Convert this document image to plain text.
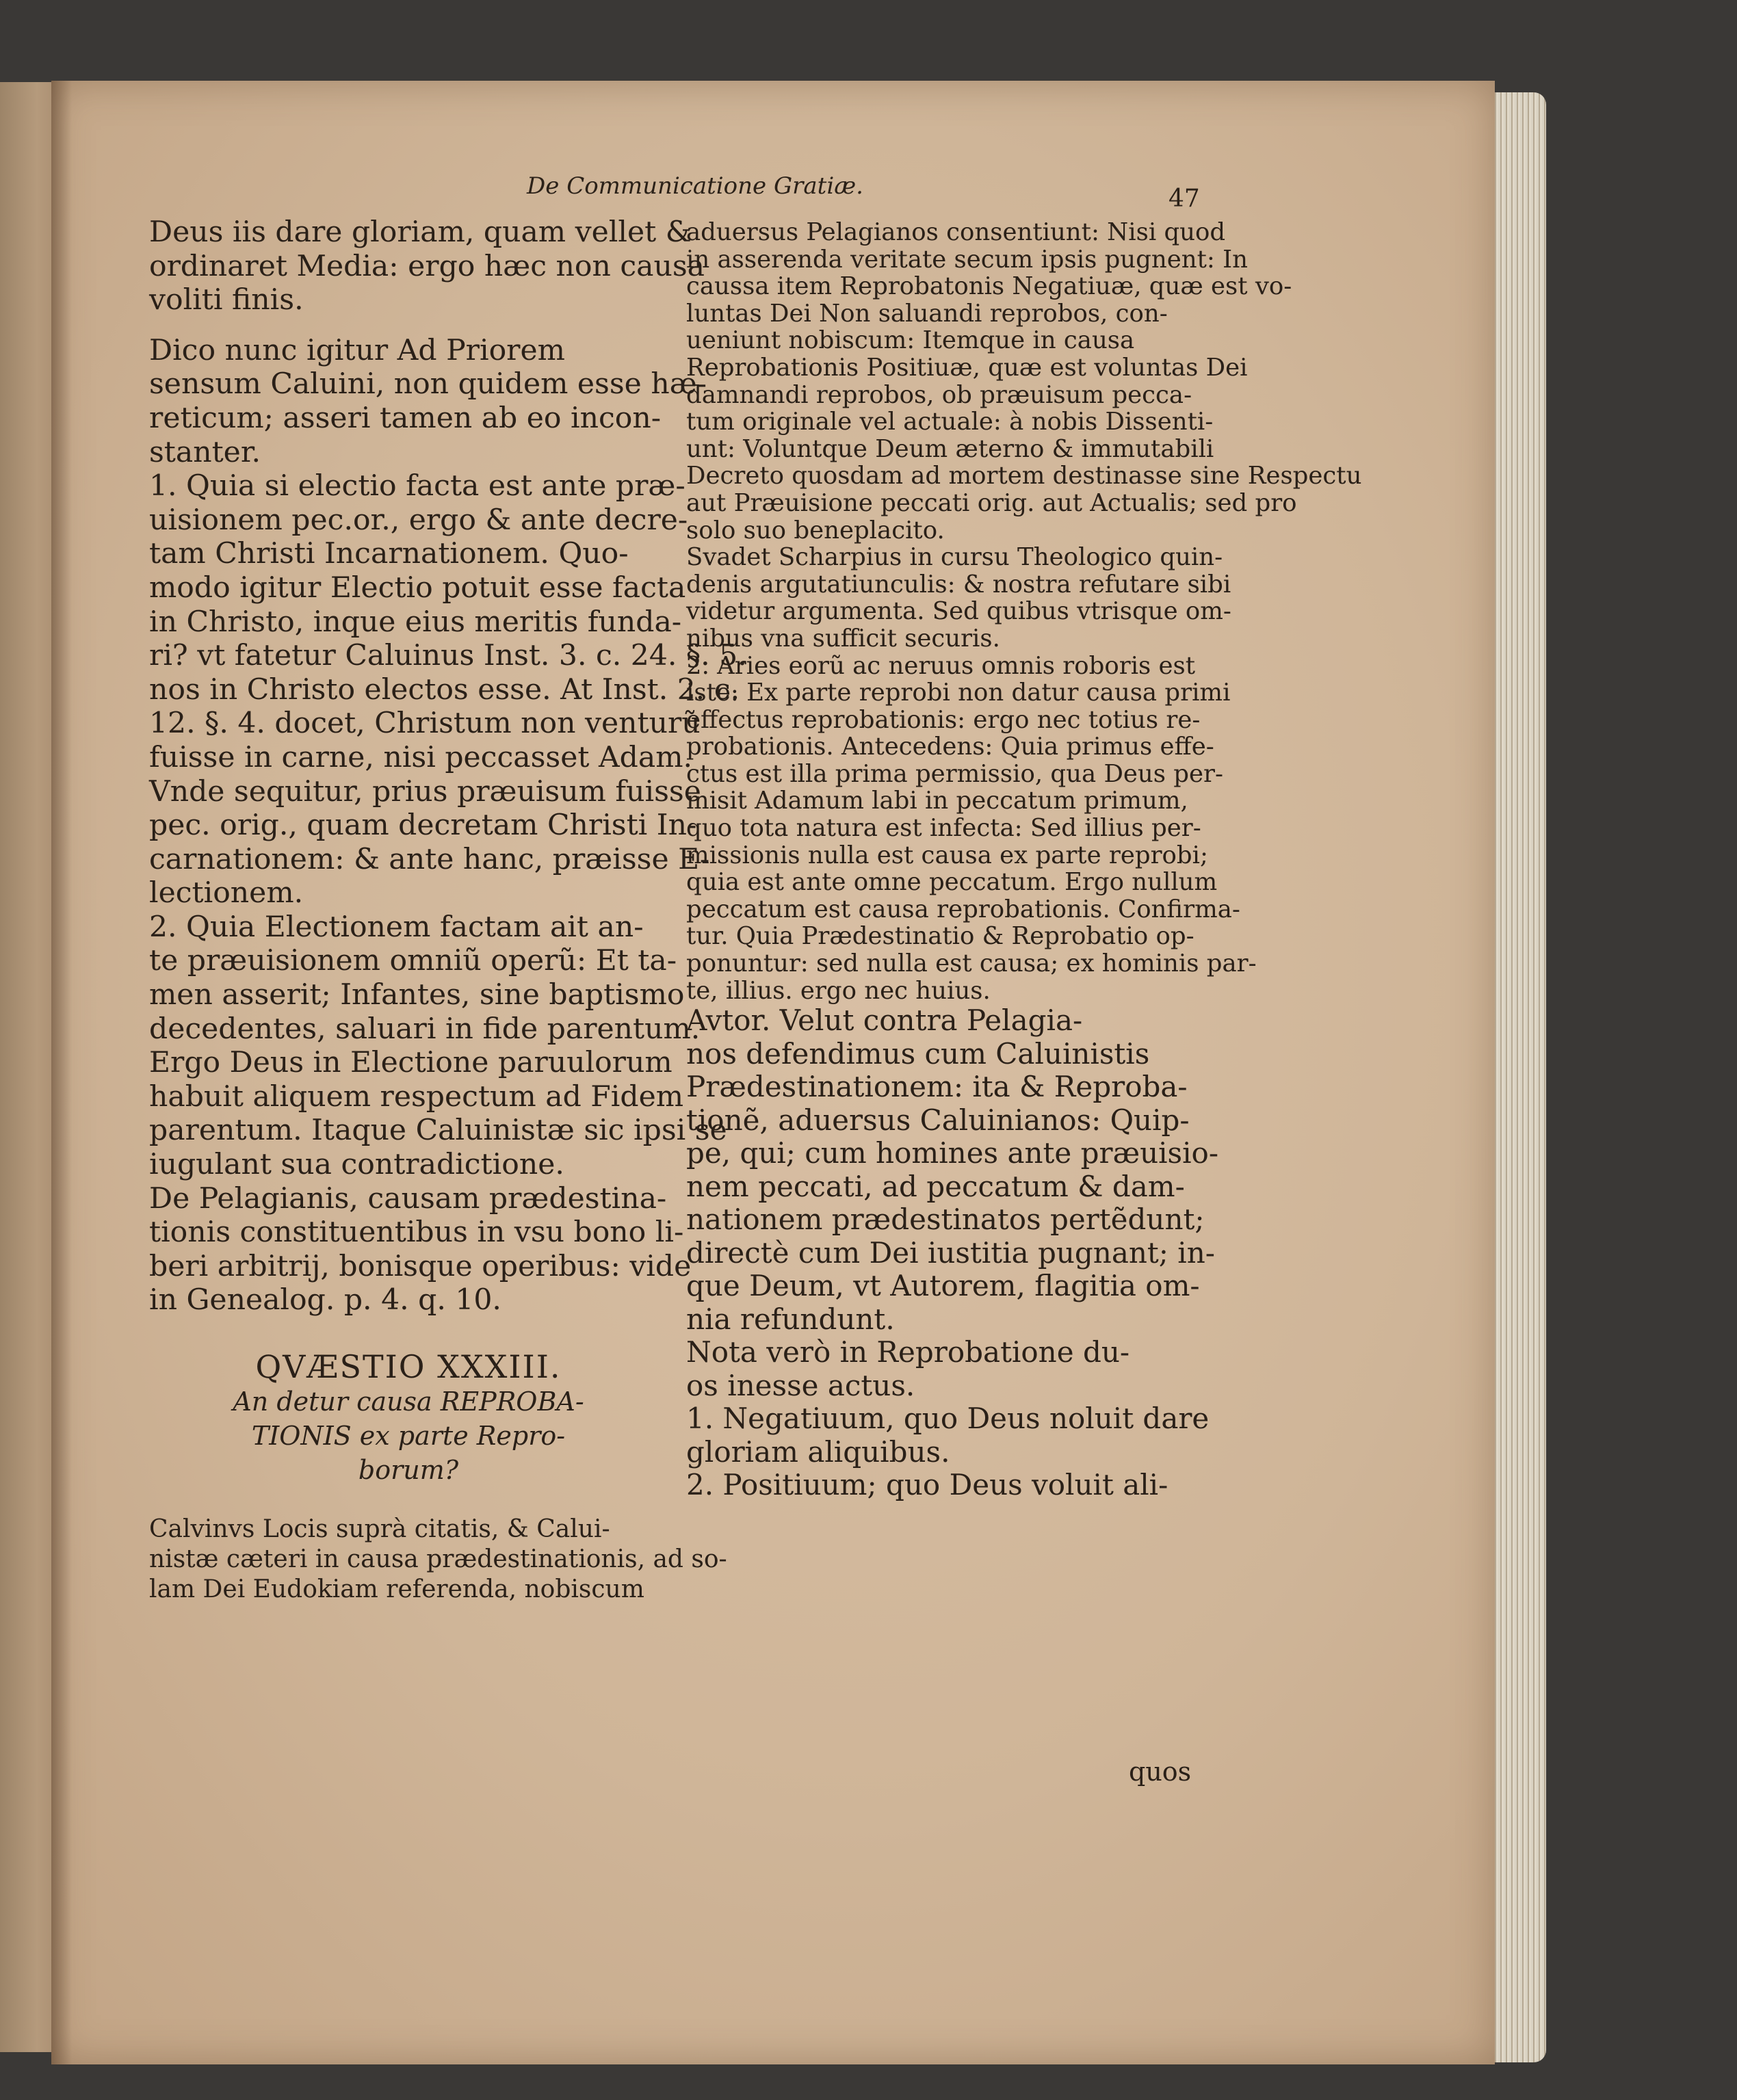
De Communicatione Gratiæ.	47
Deus iis dare gloriam, quam vellet &
ordinaret Media: ergo hæc non causa
voliti finis.
Dico nunc igitur Ad Priorem
sensum Caluini, non quidem esse hæ-
reticum; asseri tamen ab eo incon-
stanter.
1. Quia si electio facta est ante præ-
uisionem pec.or., ergo & ante decre-
tam Christi Incarnationem. Quo-
modo igitur Electio potuit esse facta
in Christo, inque eius meritis funda-
ri? vt fatetur Caluinus Inst. 3. c. 24. §. 5.
nos in Christo electos esse. At Inst. 2. c.
12. §. 4. docet, Christum non venturũ
fuisse in carne, nisi peccasset Adam.
Vnde sequitur, prius præuisum fuisse
pec. orig., quam decretam Christi In-
carnationem: & ante hanc, præisse E-
lectionem.
2. Quia Electionem factam ait an-
te præuisionem omniũ operũ: Et ta-
men asserit; Infantes, sine baptismo
decedentes, saluari in fide parentum.
Ergo Deus in Electione paruulorum
habuit aliquem respectum ad Fidem
parentum. Itaque Caluinistæ sic ipsi se
iugulant sua contradictione.
De Pelagianis, causam prædestina-
tionis constituentibus in vsu bono li-
beri arbitrij, bonisque operibus: vide
in Genealog. p. 4. q. 10.
QVÆSTIO XXXIII.
An detur causa REPROBA-
TIONIS ex parte Repro-
borum?
Calvinvs Locis suprà citatis, & Calui-
nistæ cæteri in causa prædestinationis, ad so-
lam Dei Eudokiam referenda, nobiscum
aduersus Pelagianos consentiunt: Nisi quod
in asserenda veritate secum ipsis pugnent: In
caussa item Reprobatonis Negatiuæ, quæ est vo-
luntas Dei Non saluandi reprobos, con-
ueniunt nobiscum: Itemque in causa
Reprobationis Positiuæ, quæ est voluntas Dei
damnandi reprobos, ob præuisum pecca-
tum originale vel actuale: à nobis Dissenti-
unt: Voluntque Deum æterno & immutabili
Decreto quosdam ad mortem destinasse sine Respectu
aut Præuisione peccati orig. aut Actualis; sed pro
solo suo beneplacito.
Svadet Scharpius in cursu Theologico quin-
denis argutatiunculis: & nostra refutare sibi
videtur argumenta. Sed quibus vtrisque om-
nibus vna sufficit securis.
2. Aries eorũ ac neruus omnis roboris est
iste: Ex parte reprobi non datur causa primi
effectus reprobationis: ergo nec totius re-
probationis. Antecedens: Quia primus effe-
ctus est illa prima permissio, qua Deus per-
misit Adamum labi in peccatum primum,
quo tota natura est infecta: Sed illius per-
missionis nulla est causa ex parte reprobi;
quia est ante omne peccatum. Ergo nullum
peccatum est causa reprobationis. Confirma-
tur. Quia Prædestinatio & Reprobatio op-
ponuntur: sed nulla est causa; ex hominis par-
te, illius. ergo nec huius.
Avtor. Velut contra Pelagia-
nos defendimus cum Caluinistis
Prædestinationem: ita & Reproba-
tionẽ, aduersus Caluinianos: Quip-
pe, qui; cum homines ante præuisio-
nem peccati, ad peccatum & dam-
nationem prædestinatos pertẽdunt;
directè cum Dei iustitia pugnant; in-
que Deum, vt Autorem, flagitia om-
nia refundunt.
Nota verò in Reprobatione du-
os inesse actus.
1. Negatiuum, quo Deus noluit dare
gloriam aliquibus.
2. Positiuum; quo Deus voluit ali-
quos
